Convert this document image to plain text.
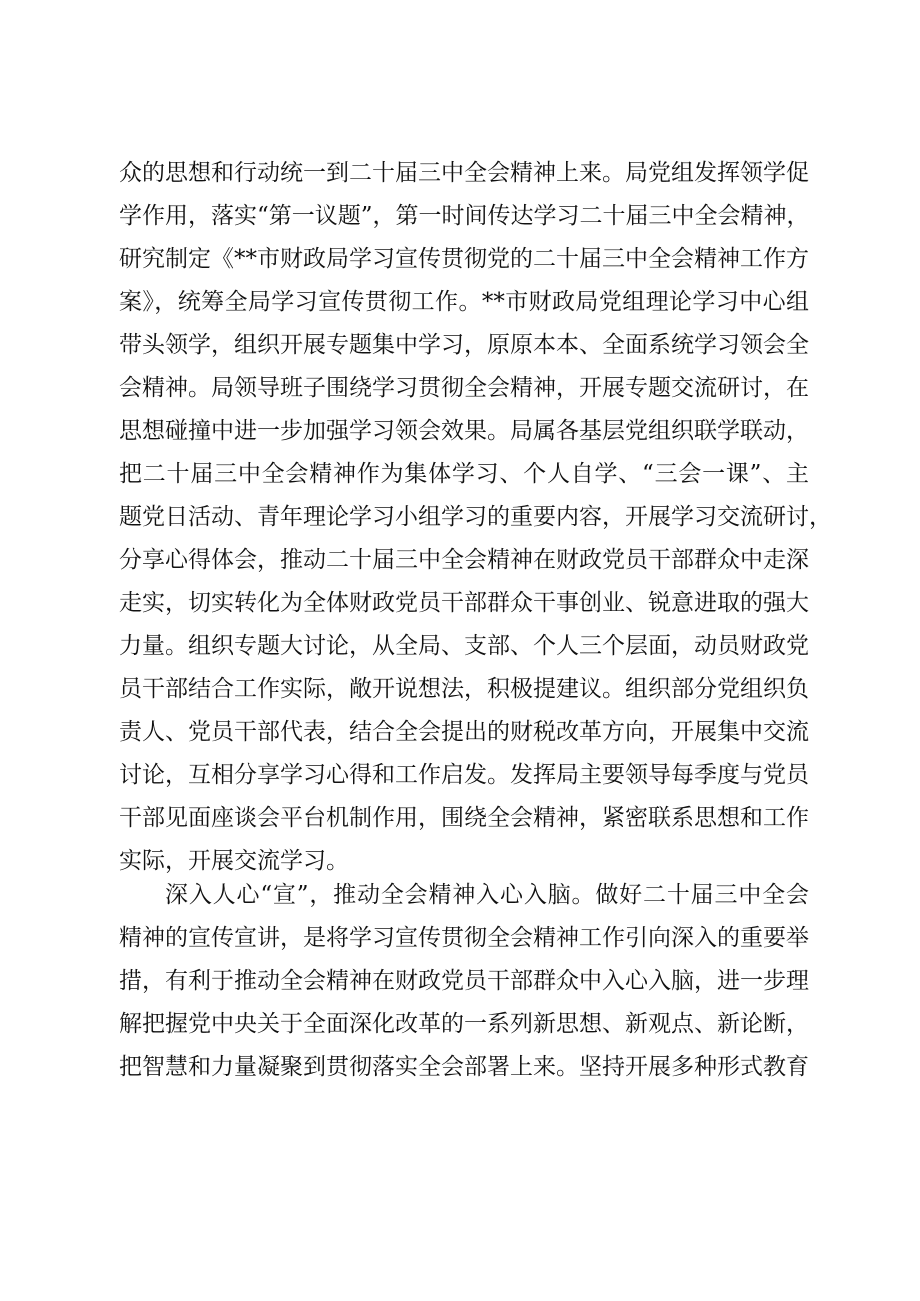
众的思想和行动统一到二十届三中全会精神上来。局党组发挥领学促
学作用，落实“第一议题”，第一时间传达学习二十届三中全会精神，
研究制定《**市财政局学习宣传贯彻党的二十届三中全会精神工作方
案》，统筹全局学习宣传贯彻工作。**市财政局党组理论学习中心组
带头领学，组织开展专题集中学习，原原本本、全面系统学习领会全
会精神。局领导班子围绕学习贯彻全会精神，开展专题交流研讨，在
思想碰撞中进一步加强学习领会效果。局属各基层党组织联学联动，
把二十届三中全会精神作为集体学习、个人自学、“三会一课”、主
题党日活动、青年理论学习小组学习的重要内容，开展学习交流研讨，
分享心得体会，推动二十届三中全会精神在财政党员干部群众中走深
走实，切实转化为全体财政党员干部群众干事创业、锐意进取的强大
力量。组织专题大讨论，从全局、支部、个人三个层面，动员财政党
员干部结合工作实际，敞开说想法，积极提建议。组织部分党组织负
责人、党员干部代表，结合全会提出的财税改革方向，开展集中交流
讨论，互相分享学习心得和工作启发。发挥局主要领导每季度与党员
干部见面座谈会平台机制作用，围绕全会精神，紧密联系思想和工作
实际，开展交流学习。
深入人心“宣”，推动全会精神入心入脑。做好二十届三中全会
精神的宣传宣讲，是将学习宣传贯彻全会精神工作引向深入的重要举
措，有利于推动全会精神在财政党员干部群众中入心入脑，进一步理
解把握党中央关于全面深化改革的一系列新思想、新观点、新论断，
把智慧和力量凝聚到贯彻落实全会部署上来。坚持开展多种形式教育
